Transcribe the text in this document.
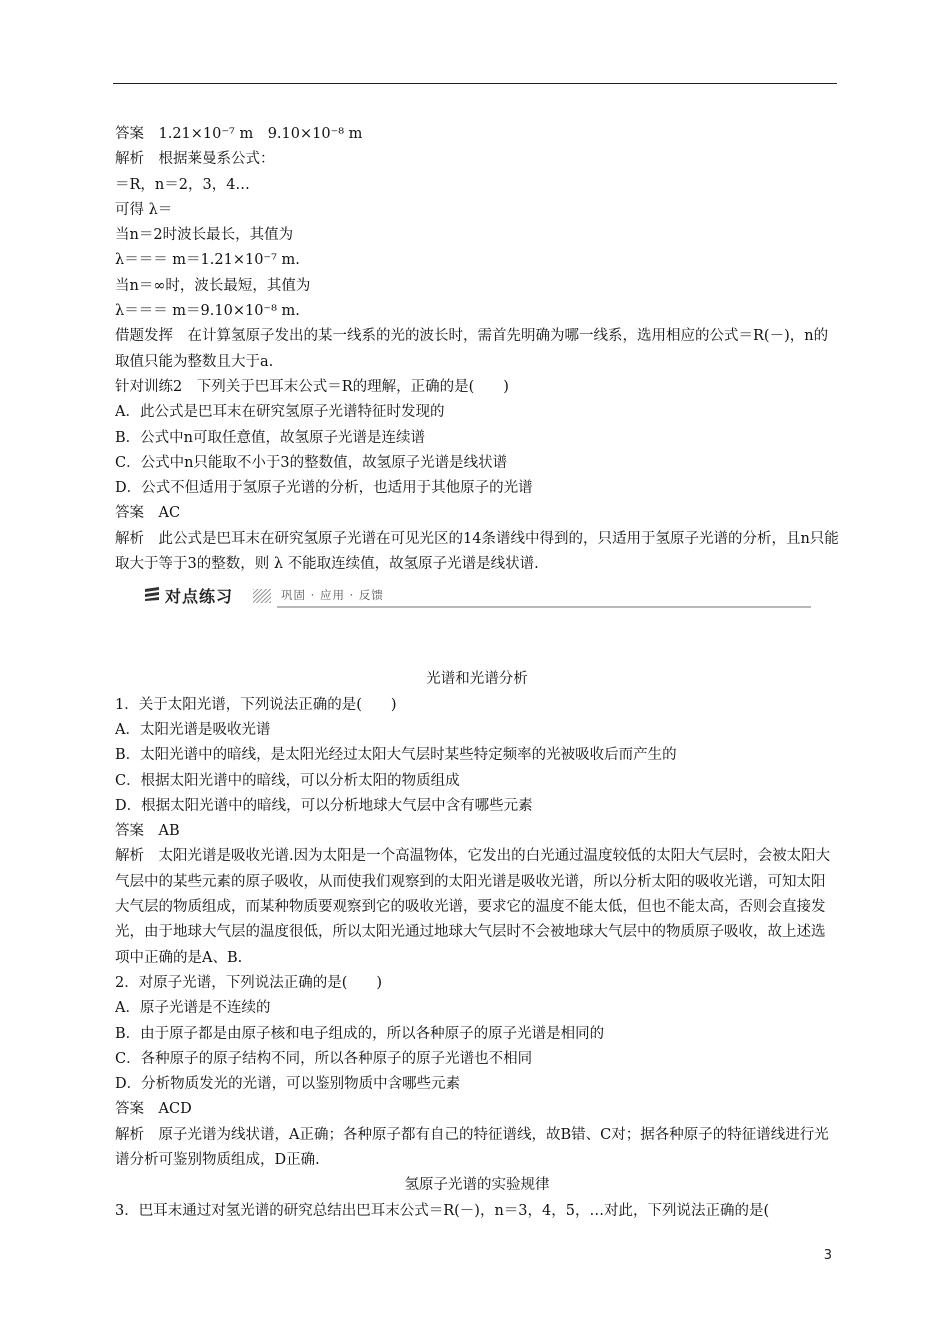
答案　1.21×10⁻⁷ m　9.10×10⁻⁸ m
解析　根据莱曼系公式：
＝R，n＝2，3，4…
可得 λ＝
当n＝2时波长最长，其值为
λ＝＝＝ m＝1.21×10⁻⁷ m.
当n＝∞时，波长最短，其值为
λ＝＝＝ m＝9.10×10⁻⁸ m.
借题发挥　在计算氢原子发出的某一线系的光的波长时，需首先明确为哪一线系，选用相应的公式＝R(－)，n的取值只能为整数且大于a.
针对训练2　下列关于巴耳末公式＝R的理解，正确的是(　　)
A．此公式是巴耳末在研究氢原子光谱特征时发现的
B．公式中n可取任意值，故氢原子光谱是连续谱
C．公式中n只能取不小于3的整数值，故氢原子光谱是线状谱
D．公式不但适用于氢原子光谱的分析，也适用于其他原子的光谱
答案　AC
解析　此公式是巴耳末在研究氢原子光谱在可见光区的14条谱线中得到的，只适用于氢原子光谱的分析，且n只能取大于等于3的整数，则 λ 不能取连续值，故氢原子光谱是线状谱.
对点练习	巩固 · 应用 · 反馈
光谱和光谱分析
1．关于太阳光谱，下列说法正确的是(　　)
A．太阳光谱是吸收光谱
B．太阳光谱中的暗线，是太阳光经过太阳大气层时某些特定频率的光被吸收后而产生的
C．根据太阳光谱中的暗线，可以分析太阳的物质组成
D．根据太阳光谱中的暗线，可以分析地球大气层中含有哪些元素
答案　AB
解析　太阳光谱是吸收光谱.因为太阳是一个高温物体，它发出的白光通过温度较低的太阳大气层时，会被太阳大气层中的某些元素的原子吸收，从而使我们观察到的太阳光谱是吸收光谱，所以分析太阳的吸收光谱，可知太阳大气层的物质组成，而某种物质要观察到它的吸收光谱，要求它的温度不能太低，但也不能太高，否则会直接发光，由于地球大气层的温度很低，所以太阳光通过地球大气层时不会被地球大气层中的物质原子吸收，故上述选项中正确的是A、B.
2．对原子光谱，下列说法正确的是(　　)
A．原子光谱是不连续的
B．由于原子都是由原子核和电子组成的，所以各种原子的原子光谱是相同的
C．各种原子的原子结构不同，所以各种原子的原子光谱也不相同
D．分析物质发光的光谱，可以鉴别物质中含哪些元素
答案　ACD
解析　原子光谱为线状谱，A正确；各种原子都有自己的特征谱线，故B错、C对；据各种原子的特征谱线进行光谱分析可鉴别物质组成，D正确.
氢原子光谱的实验规律
3．巴耳末通过对氢光谱的研究总结出巴耳末公式＝R(－)，n＝3，4，5，…对此，下列说法正确的是(
3
